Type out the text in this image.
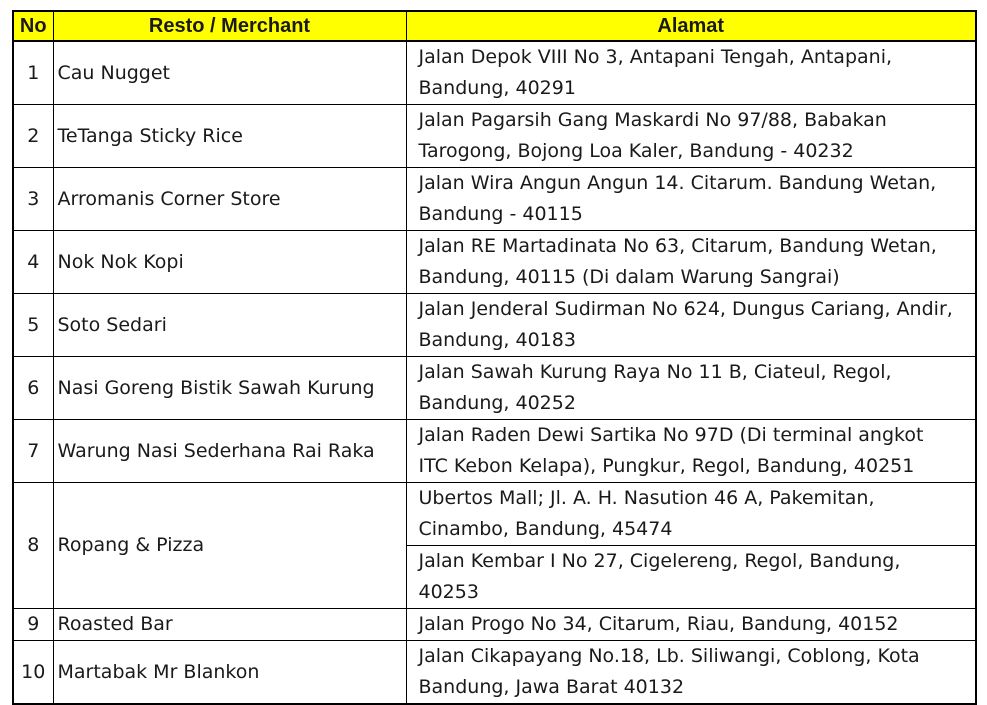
No	Resto / Merchant	Alamat
1	Cau Nugget	Jalan Depok VIII No 3, Antapani Tengah, Antapani,
Bandung, 40291

2	TeTanga Sticky Rice	Jalan Pagarsih Gang Maskardi No 97/88, Babakan
Tarogong, Bojong Loa Kaler, Bandung - 40232

3	Arromanis Corner Store	Jalan Wira Angun Angun 14. Citarum. Bandung Wetan,
Bandung - 40115

4	Nok Nok Kopi	Jalan RE Martadinata No 63, Citarum, Bandung Wetan,
Bandung, 40115 (Di dalam Warung Sangrai)

5	Soto Sedari	Jalan Jenderal Sudirman No 624, Dungus Cariang, Andir,
Bandung, 40183

6	Nasi Goreng Bistik Sawah Kurung	Jalan Sawah Kurung Raya No 11 B, Ciateul, Regol,
Bandung, 40252

7	Warung Nasi Sederhana Rai Raka	Jalan Raden Dewi Sartika No 97D (Di terminal angkot
ITC Kebon Kelapa), Pungkur, Regol, Bandung, 40251

8	Ropang & Pizza	Ubertos Mall; Jl. A. H. Nasution 46 A, Pakemitan,
Cinambo, Bandung, 45474

		Jalan Kembar I No 27, Cigelereng, Regol, Bandung,
40253

9	Roasted Bar	Jalan Progo No 34, Citarum, Riau, Bandung, 40152

10	Martabak Mr Blankon	Jalan Cikapayang No.18, Lb. Siliwangi, Coblong, Kota
Bandung, Jawa Barat 40132
